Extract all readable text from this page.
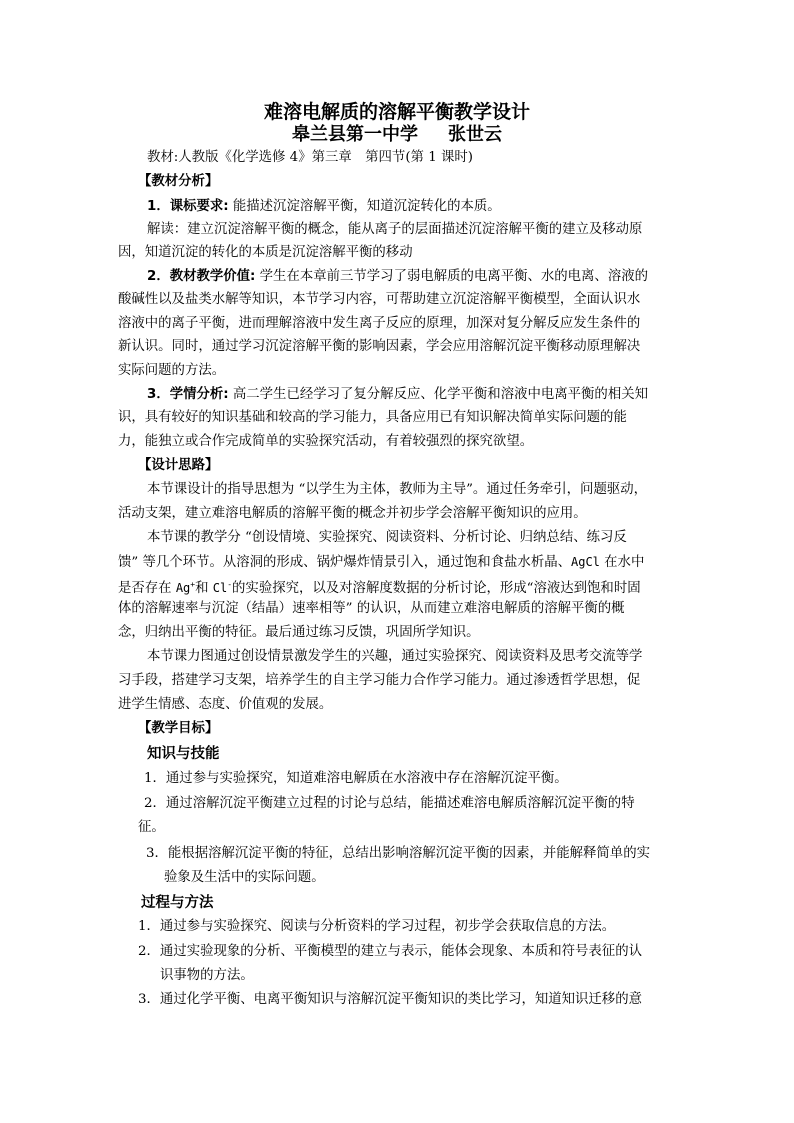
难溶电解质的溶解平衡教学设计
皋兰县第一中学 张世云
教材:人教版《化学选修 4》第三章　第四节(第 1 课时)
【教材分析】
1．课标要求: 能描述沉淀溶解平衡，知道沉淀转化的本质。
解读：建立沉淀溶解平衡的概念，能从离子的层面描述沉淀溶解平衡的建立及移动原
因，知道沉淀的转化的本质是沉淀溶解平衡的移动
2．教材教学价值: 学生在本章前三节学习了弱电解质的电离平衡、水的电离、溶液的
酸碱性以及盐类水解等知识，本节学习内容，可帮助建立沉淀溶解平衡模型，全面认识水
溶液中的离子平衡，进而理解溶液中发生离子反应的原理，加深对复分解反应发生条件的
新认识。同时，通过学习沉淀溶解平衡的影响因素，学会应用溶解沉淀平衡移动原理解决
实际问题的方法。
3．学情分析: 高二学生已经学习了复分解反应、化学平衡和溶液中电离平衡的相关知
识，具有较好的知识基础和较高的学习能力，具备应用已有知识解决简单实际问题的能
力，能独立或合作完成简单的实验探究活动，有着较强烈的探究欲望。
【设计思路】
本节课设计的指导思想为 “以学生为主体，教师为主导”。通过任务牵引，问题驱动，
活动支架，建立难溶电解质的溶解平衡的概念并初步学会溶解平衡知识的应用。
本节课的教学分 “创设情境、实验探究、阅读资料、分析讨论、归纳总结、练习反
馈” 等几个环节。从溶洞的形成、锅炉爆炸情景引入，通过饱和食盐水析晶、AgCl 在水中
是否存在 Ag+和 Cl-的实验探究，以及对溶解度数据的分析讨论，形成“溶液达到饱和时固
体的溶解速率与沉淀（结晶）速率相等” 的认识，从而建立难溶电解质的溶解平衡的概
念，归纳出平衡的特征。最后通过练习反馈，巩固所学知识。
本节课力图通过创设情景激发学生的兴趣，通过实验探究、阅读资料及思考交流等学
习手段，搭建学习支架，培养学生的自主学习能力合作学习能力。通过渗透哲学思想，促
进学生情感、态度、价值观的发展。
【教学目标】
知识与技能
1．通过参与实验探究，知道难溶电解质在水溶液中存在溶解沉淀平衡。
2．通过溶解沉淀平衡建立过程的讨论与总结，能描述难溶电解质溶解沉淀平衡的特
征。
3．能根据溶解沉淀平衡的特征，总结出影响溶解沉淀平衡的因素，并能解释简单的实
验象及生活中的实际问题。
过程与方法
1．通过参与实验探究、阅读与分析资料的学习过程，初步学会获取信息的方法。
2．通过实验现象的分析、平衡模型的建立与表示，能体会现象、本质和符号表征的认
识事物的方法。
3．通过化学平衡、电离平衡知识与溶解沉淀平衡知识的类比学习，知道知识迁移的意
